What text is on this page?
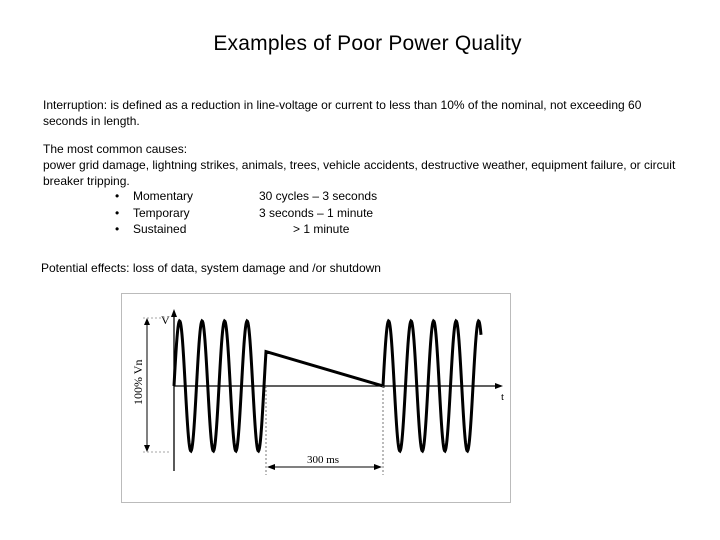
Examples of Poor Power Quality
Interruption: is defined as a reduction in line-voltage or current to less than 10% of the nominal, not exceeding 60 seconds in length.
The most common causes:
power grid damage, lightning strikes, animals, trees, vehicle accidents, destructive weather, equipment failure, or circuit breaker tripping.
• Momentary	30 cycles – 3 seconds
• Temporary	3 seconds – 1 minute
• Sustained	> 1 minute
Potential effects: loss of data, system damage and /or shutdown
V
t
100% Vn
300 ms
